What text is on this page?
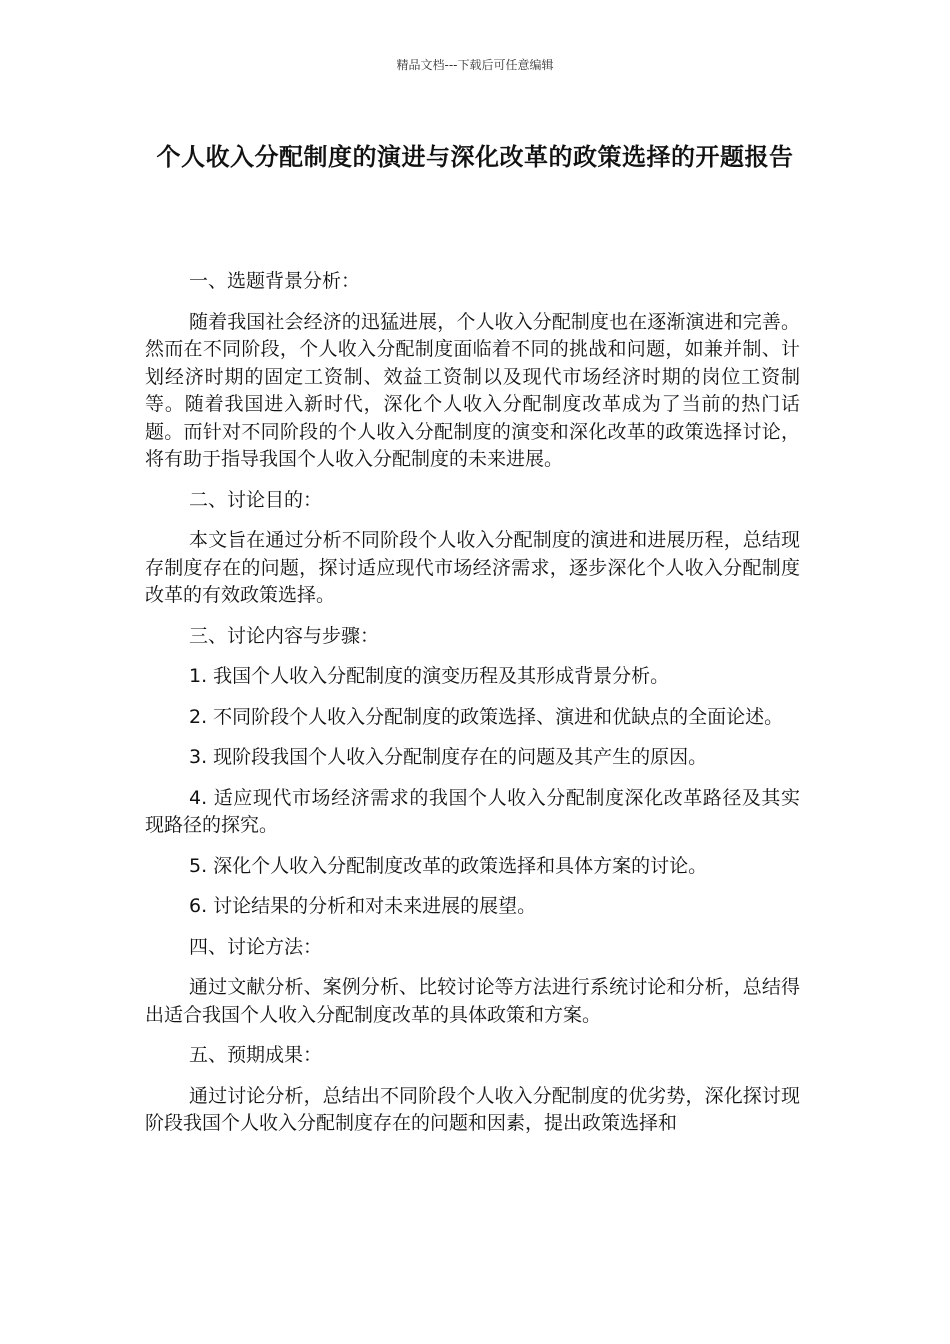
精品文档---下载后可任意编辑
个人收入分配制度的演进与深化改革的政策选择的开题报告

一、选题背景分析：

随着我国社会经济的迅猛进展，个人收入分配制度也在逐渐演进和完善。然而在不同阶段，个人收入分配制度面临着不同的挑战和问题，如兼并制、计划经济时期的固定工资制、效益工资制以及现代市场经济时期的岗位工资制等。随着我国进入新时代，深化个人收入分配制度改革成为了当前的热门话题。而针对不同阶段的个人收入分配制度的演变和深化改革的政策选择讨论，将有助于指导我国个人收入分配制度的未来进展。

二、讨论目的：

本文旨在通过分析不同阶段个人收入分配制度的演进和进展历程，总结现存制度存在的问题，探讨适应现代市场经济需求，逐步深化个人收入分配制度改革的有效政策选择。

三、讨论内容与步骤：

1. 我国个人收入分配制度的演变历程及其形成背景分析。

2. 不同阶段个人收入分配制度的政策选择、演进和优缺点的全面论述。

3. 现阶段我国个人收入分配制度存在的问题及其产生的原因。

4. 适应现代市场经济需求的我国个人收入分配制度深化改革路径及其实现路径的探究。

5. 深化个人收入分配制度改革的政策选择和具体方案的讨论。

6. 讨论结果的分析和对未来进展的展望。

四、讨论方法：

通过文献分析、案例分析、比较讨论等方法进行系统讨论和分析，总结得出适合我国个人收入分配制度改革的具体政策和方案。

五、预期成果：

通过讨论分析，总结出不同阶段个人收入分配制度的优劣势，深化探讨现阶段我国个人收入分配制度存在的问题和因素，提出政策选择和
